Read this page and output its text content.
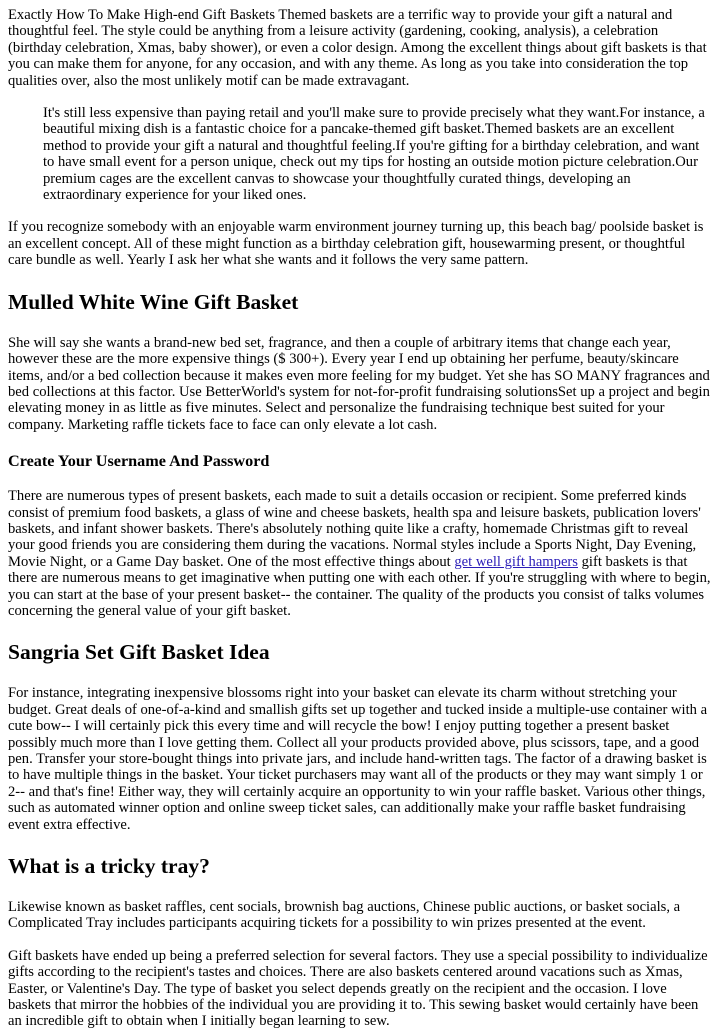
Exactly How To Make High-end Gift Baskets Themed baskets are a terrific way to provide your gift a natural and thoughtful feel. The style could be anything from a leisure activity (gardening, cooking, analysis), a celebration (birthday celebration, Xmas, baby shower), or even a color design. Among the excellent things about gift baskets is that you can make them for anyone, for any occasion, and with any theme. As long as you take into consideration the top qualities over, also the most unlikely motif can be made extravagant.

It's still less expensive than paying retail and you'll make sure to provide precisely what they want.For instance, a beautiful mixing dish is a fantastic choice for a pancake-themed gift basket.Themed baskets are an excellent method to provide your gift a natural and thoughtful feeling.If you're gifting for a birthday celebration, and want to have small event for a person unique, check out my tips for hosting an outside motion picture celebration.Our premium cages are the excellent canvas to showcase your thoughtfully curated things, developing an extraordinary experience for your liked ones.

If you recognize somebody with an enjoyable warm environment journey turning up, this beach bag/ poolside basket is an excellent concept. All of these might function as a birthday celebration gift, housewarming present, or thoughtful care bundle as well. Yearly I ask her what she wants and it follows the very same pattern.

Mulled White Wine Gift Basket

She will say she wants a brand-new bed set, fragrance, and then a couple of arbitrary items that change each year, however these are the more expensive things ($ 300+). Every year I end up obtaining her perfume, beauty/skincare items, and/or a bed collection because it makes even more feeling for my budget. Yet she has SO MANY fragrances and bed collections at this factor. Use BetterWorld's system for not-for-profit fundraising solutionsSet up a project and begin elevating money in as little as five minutes. Select and personalize the fundraising technique best suited for your company. Marketing raffle tickets face to face can only elevate a lot cash.

Create Your Username And Password

There are numerous types of present baskets, each made to suit a details occasion or recipient. Some preferred kinds consist of premium food baskets, a glass of wine and cheese baskets, health spa and leisure baskets, publication lovers' baskets, and infant shower baskets. There's absolutely nothing quite like a crafty, homemade Christmas gift to reveal your good friends you are considering them during the vacations. Normal styles include a Sports Night, Day Evening, Movie Night, or a Game Day basket. One of the most effective things about get well gift hampers gift baskets is that there are numerous means to get imaginative when putting one with each other. If you're struggling with where to begin, you can start at the base of your present basket-- the container. The quality of the products you consist of talks volumes concerning the general value of your gift basket.

Sangria Set Gift Basket Idea

For instance, integrating inexpensive blossoms right into your basket can elevate its charm without stretching your budget. Great deals of one-of-a-kind and smallish gifts set up together and tucked inside a multiple-use container with a cute bow-- I will certainly pick this every time and will recycle the bow! I enjoy putting together a present basket possibly much more than I love getting them. Collect all your products provided above, plus scissors, tape, and a good pen. Transfer your store-bought things into private jars, and include hand-written tags. The factor of a drawing basket is to have multiple things in the basket. Your ticket purchasers may want all of the products or they may want simply 1 or 2-- and that's fine! Either way, they will certainly acquire an opportunity to win your raffle basket. Various other things, such as automated winner option and online sweep ticket sales, can additionally make your raffle basket fundraising event extra effective.

What is a tricky tray?

Likewise known as basket raffles, cent socials, brownish bag auctions, Chinese public auctions, or basket socials, a Complicated Tray includes participants acquiring tickets for a possibility to win prizes presented at the event.

Gift baskets have ended up being a preferred selection for several factors. They use a special possibility to individualize gifts according to the recipient's tastes and choices. There are also baskets centered around vacations such as Xmas, Easter, or Valentine's Day. The type of basket you select depends greatly on the recipient and the occasion. I love baskets that mirror the hobbies of the individual you are providing it to. This sewing basket would certainly have been an incredible gift to obtain when I initially began learning to sew.
